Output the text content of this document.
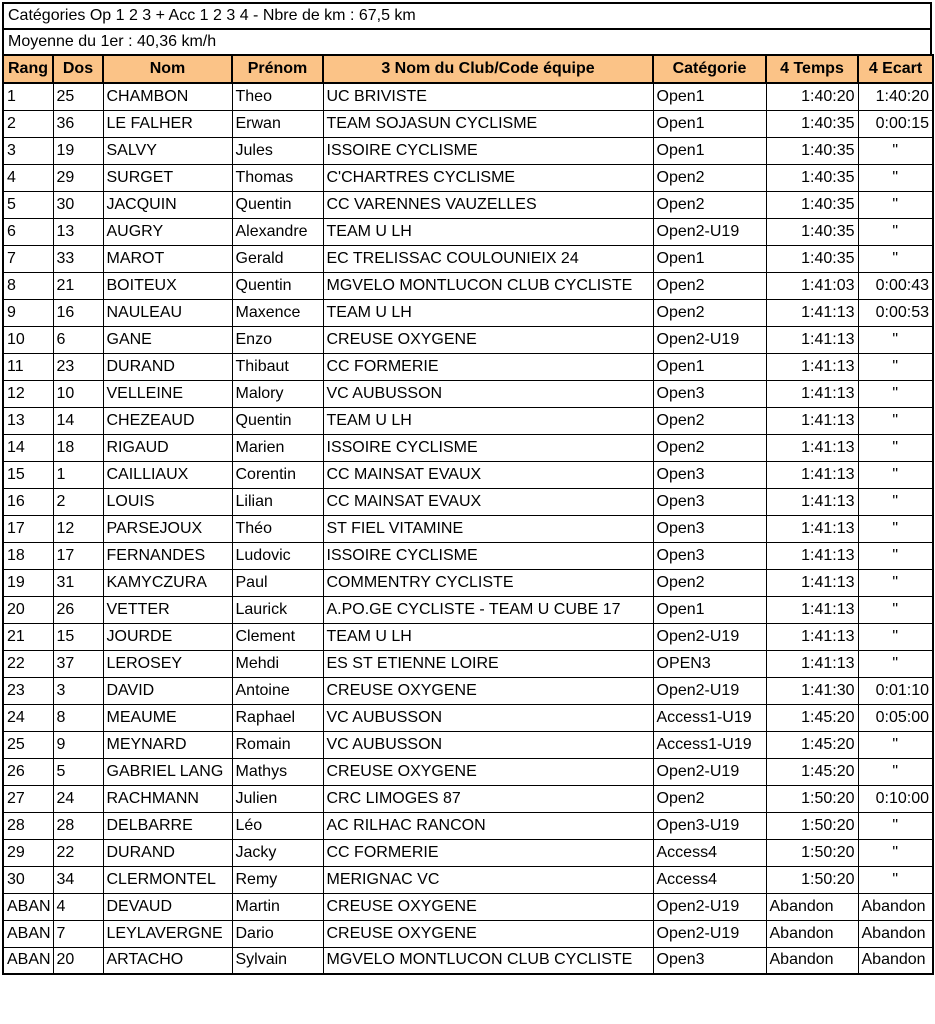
Catégories Op 1 2 3 + Acc 1 2 3 4 - Nbre de km : 67,5 km
Moyenne du 1er : 40,36 km/h
Rang	Dos	Nom	Prénom	3 Nom du Club/Code équipe	Catégorie	4 Temps	4 Ecart
1	25	CHAMBON	Theo	UC BRIVISTE	Open1	1:40:20	1:40:20
2	36	LE FALHER	Erwan	TEAM SOJASUN CYCLISME	Open1	1:40:35	0:00:15
3	19	SALVY	Jules	ISSOIRE CYCLISME	Open1	1:40:35	"
4	29	SURGET	Thomas	C'CHARTRES CYCLISME	Open2	1:40:35	"
5	30	JACQUIN	Quentin	CC VARENNES VAUZELLES	Open2	1:40:35	"
6	13	AUGRY	Alexandre	TEAM U LH	Open2-U19	1:40:35	"
7	33	MAROT	Gerald	EC TRELISSAC COULOUNIEIX 24	Open1	1:40:35	"
8	21	BOITEUX	Quentin	MGVELO MONTLUCON CLUB CYCLISTE	Open2	1:41:03	0:00:43
9	16	NAULEAU	Maxence	TEAM U LH	Open2	1:41:13	0:00:53
10	6	GANE	Enzo	CREUSE OXYGENE	Open2-U19	1:41:13	"
11	23	DURAND	Thibaut	CC FORMERIE	Open1	1:41:13	"
12	10	VELLEINE	Malory	VC AUBUSSON	Open3	1:41:13	"
13	14	CHEZEAUD	Quentin	TEAM U LH	Open2	1:41:13	"
14	18	RIGAUD	Marien	ISSOIRE CYCLISME	Open2	1:41:13	"
15	1	CAILLIAUX	Corentin	CC MAINSAT EVAUX	Open3	1:41:13	"
16	2	LOUIS	Lilian	CC MAINSAT EVAUX	Open3	1:41:13	"
17	12	PARSEJOUX	Théo	ST FIEL VITAMINE	Open3	1:41:13	"
18	17	FERNANDES	Ludovic	ISSOIRE CYCLISME	Open3	1:41:13	"
19	31	KAMYCZURA	Paul	COMMENTRY CYCLISTE	Open2	1:41:13	"
20	26	VETTER	Laurick	A.PO.GE CYCLISTE - TEAM U CUBE 17	Open1	1:41:13	"
21	15	JOURDE	Clement	TEAM U LH	Open2-U19	1:41:13	"
22	37	LEROSEY	Mehdi	ES ST ETIENNE LOIRE	OPEN3	1:41:13	"
23	3	DAVID	Antoine	CREUSE OXYGENE	Open2-U19	1:41:30	0:01:10
24	8	MEAUME	Raphael	VC AUBUSSON	Access1-U19	1:45:20	0:05:00
25	9	MEYNARD	Romain	VC AUBUSSON	Access1-U19	1:45:20	"
26	5	GABRIEL LANG	Mathys	CREUSE OXYGENE	Open2-U19	1:45:20	"
27	24	RACHMANN	Julien	CRC LIMOGES 87	Open2	1:50:20	0:10:00
28	28	DELBARRE	Léo	AC RILHAC RANCON	Open3-U19	1:50:20	"
29	22	DURAND	Jacky	CC FORMERIE	Access4	1:50:20	"
30	34	CLERMONTEL	Remy	MERIGNAC VC	Access4	1:50:20	"
ABAN	4	DEVAUD	Martin	CREUSE OXYGENE	Open2-U19	Abandon	Abandon
ABAN	7	LEYLAVERGNE	Dario	CREUSE OXYGENE	Open2-U19	Abandon	Abandon
ABAN	20	ARTACHO	Sylvain	MGVELO MONTLUCON CLUB CYCLISTE	Open3	Abandon	Abandon
